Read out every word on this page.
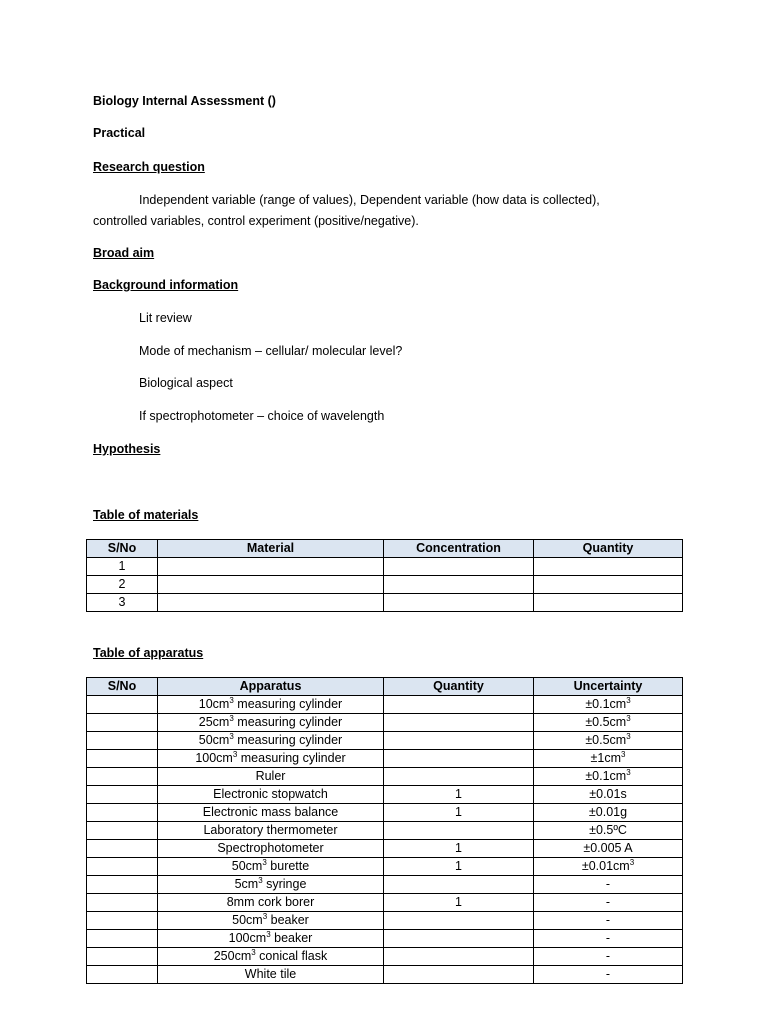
Biology Internal Assessment ()
Practical
Research question

Independent variable (range of values), Dependent variable (how data is collected), controlled variables, control experiment (positive/negative).

Broad aim
Background information
Lit review
Mode of mechanism – cellular/ molecular level?
Biological aspect
If spectrophotometer – choice of wavelength
Hypothesis
Table of materials
S/No	Material	Concentration	Quantity
1			
2			
3			
Table of apparatus
S/No	Apparatus	Quantity	Uncertainty
	$10cm^3$ measuring cylinder		$\pm 0.1cm^3$
	$25cm^3$ measuring cylinder		$\pm 0.5cm^3$
	$50cm^3$ measuring cylinder		$\pm 0.5cm^3$
	$100cm^3$ measuring cylinder		$\pm 1cm^3$
	Ruler		$\pm 0.1cm^3$
	Electronic stopwatch	1	±0.01s
	Electronic mass balance	1	±0.01g
	Laboratory thermometer		±0.5ºC
	Spectrophotometer	1	±0.005 A
	$50cm^3$ burette	1	$\pm 0.01cm^3$
	$5cm^3$ syringe		-
	8mm cork borer	1	-
	$50cm^3$ beaker		-
	$100cm^3$ beaker		-
	$250cm^3$ conical flask		-
	White tile		-
